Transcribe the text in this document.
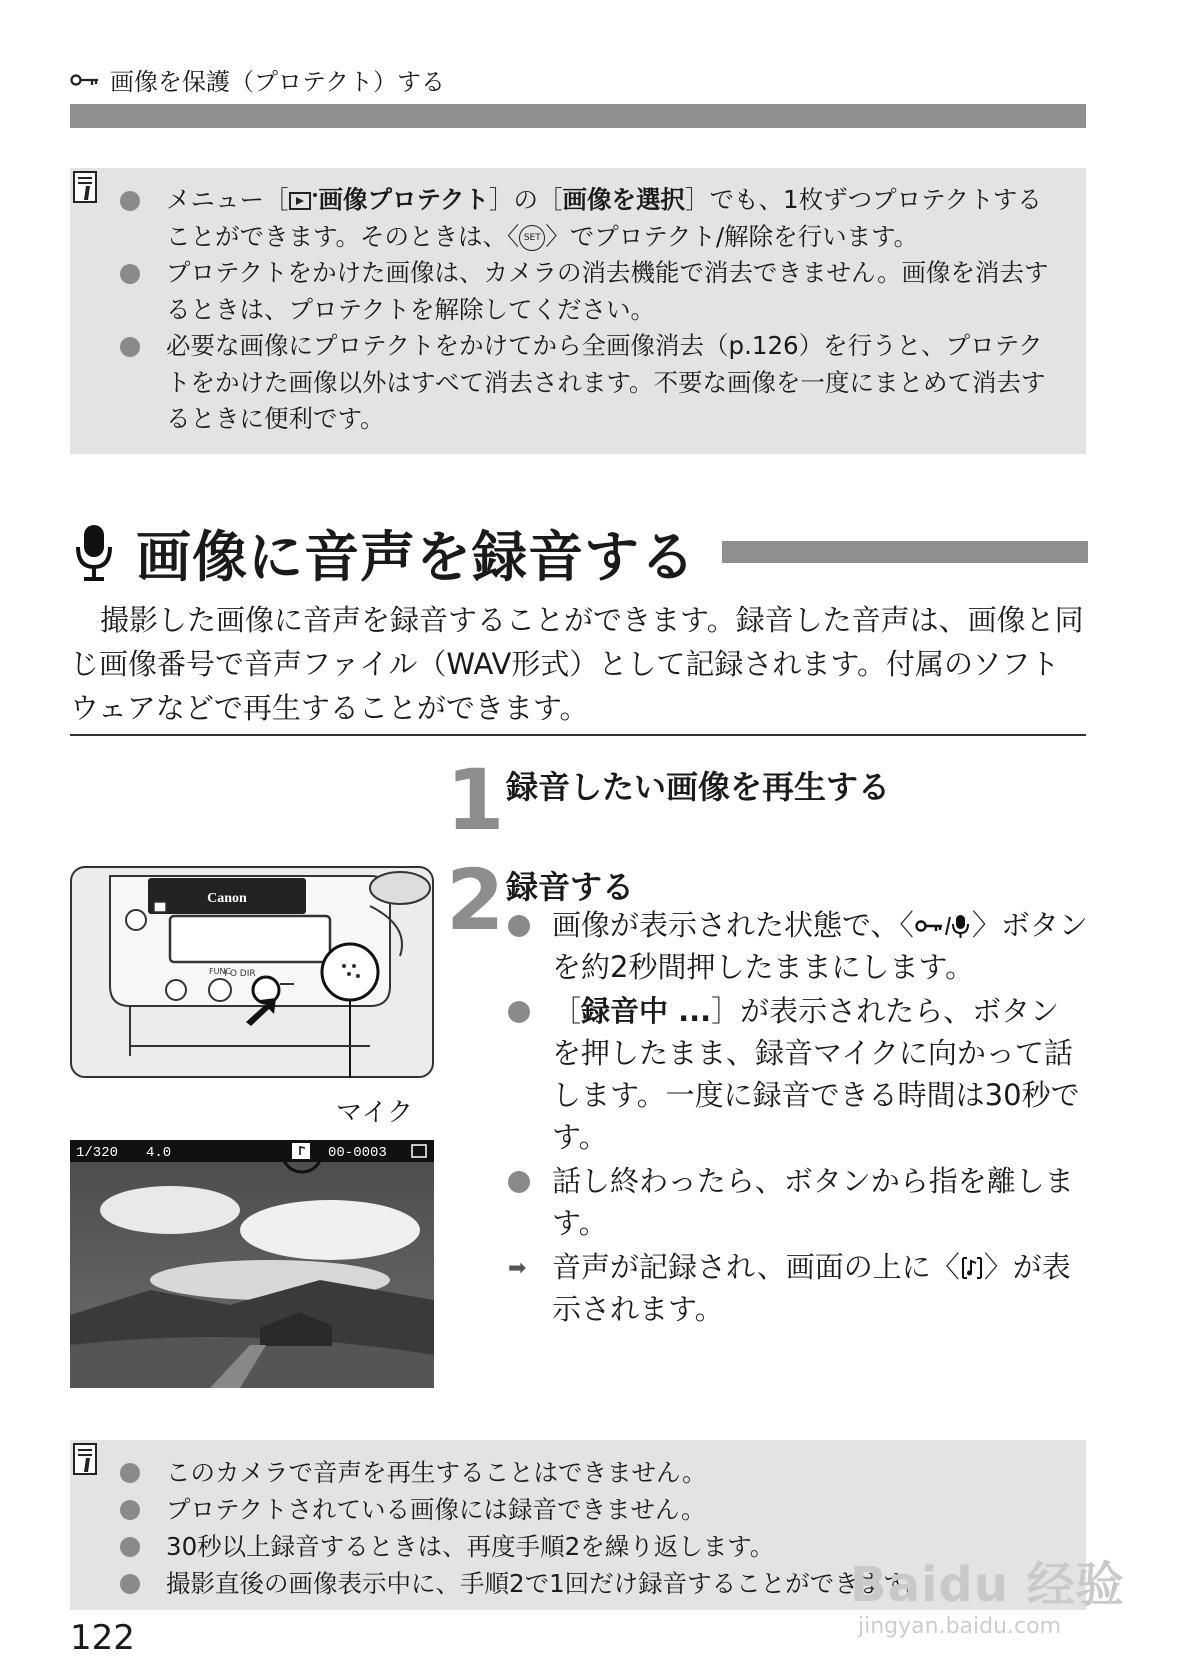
画像を保護（プロテクト）する
メニュー［ 画像プロテクト］の［画像を選択］でも、1枚ずつプロテクトすることができます。そのときは、〈 SET 〉でプロテクト/解除を行います。
プロテクトをかけた画像は、カメラの消去機能で消去できません。画像を消去するときは、プロテクトを解除してください。
必要な画像にプロテクトをかけてから全画像消去（p.126）を行うと、プロテクトをかけた画像以外はすべて消去されます。不要な画像を一度にまとめて消去するときに便利です。
画像に音声を録音する

撮影した画像に音声を録音することができます。録音した音声は、画像と同じ画像番号で音声ファイル（WAV形式）として記録されます。付属のソフトウェアなどで再生することができます。

1 録音したい画像を再生する
2 録音する
画像が表示された状態で、〈 〉ボタンを約2秒間押したままにします。
［録音中 ...］が表示されたら、ボタンを押したまま、録音マイクに向かって話します。一度に録音できる時間は30秒です。
話し終わったら、ボタンから指を離します。
➡ 音声が記録され、画面の上に〈 〉が表示されます。
Canon
I O DIR
FUNC
マイク
1/320 4.0	00-0003
このカメラで音声を再生することはできません。
プロテクトされている画像には録音できません。
30秒以上録音するときは、再度手順2を繰り返します。
撮影直後の画像表示中に、手順2で1回だけ録音することができます。
122
Baidu 经验
jingyan.baidu.com
